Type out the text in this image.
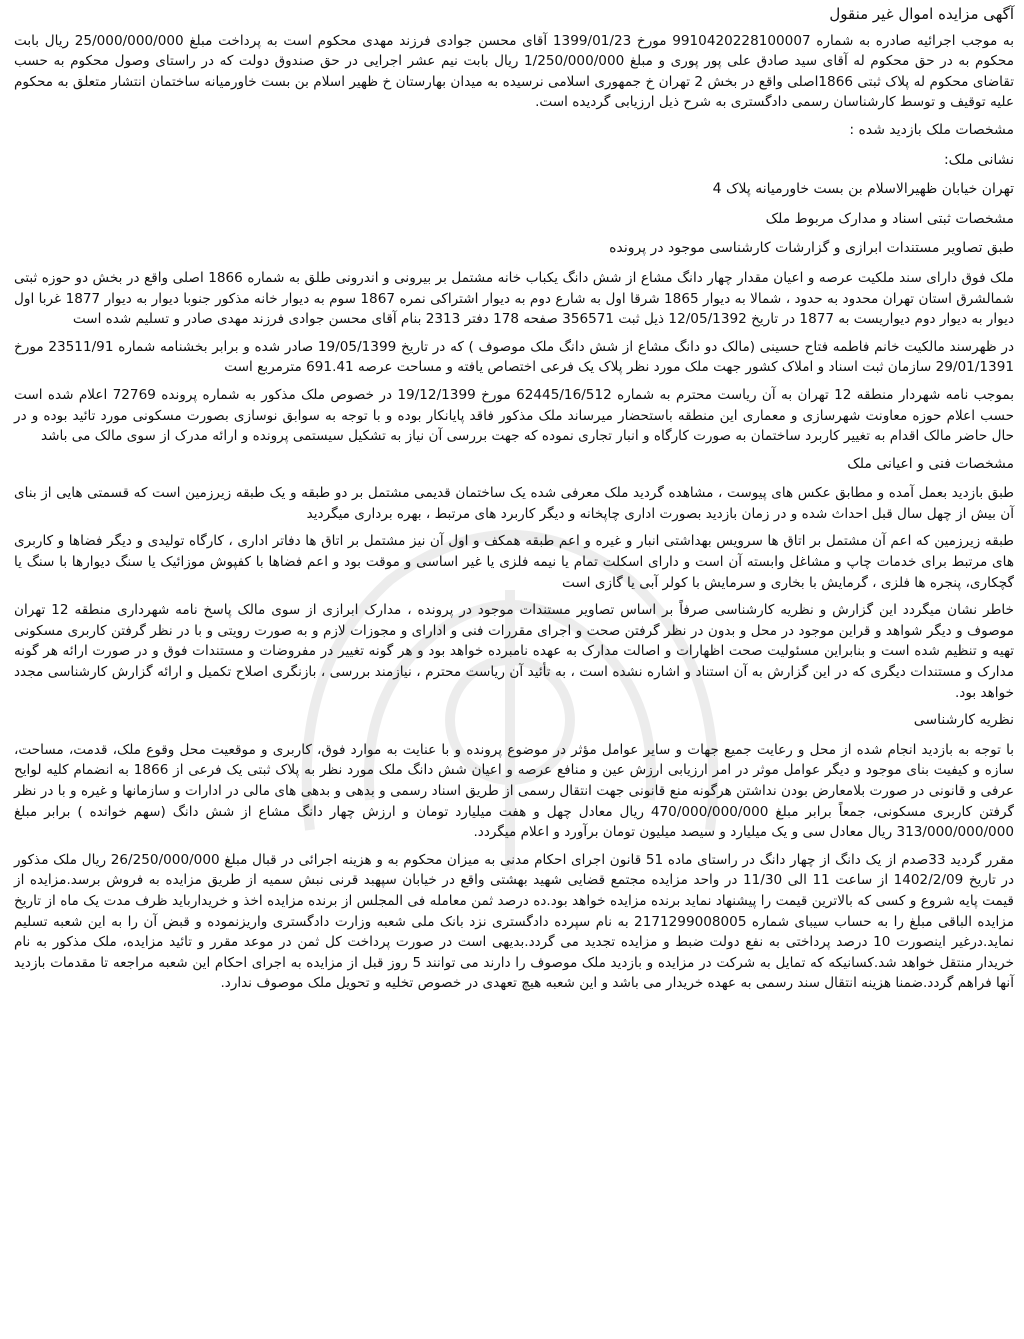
آگهی مزایده اموال غیر منقول

به موجب اجرائیه صادره به شماره 9910420228100007 مورخ 1399/01/23 آقای محسن جوادی فرزند مهدی محکوم است به پرداخت مبلغ 25/000/000/000 ریال بابت محکوم به در حق محکوم له آقای سید صادق علی پور پوری و مبلغ 1/250/000/000 ریال بابت نیم عشر اجرایی در حق صندوق دولت که در راستای وصول محکوم به حسب تقاضای محکوم له پلاک ثبتی 1866اصلی واقع در بخش 2 تهران خ جمهوری اسلامی نرسیده به میدان بهارستان خ ظهیر اسلام بن بست خاورمیانه ساختمان انتشار متعلق به محکوم علیه توقیف و توسط کارشناسان رسمی دادگستری به شرح ذیل ارزیابی گردیده است.

مشخصات ملک بازدید شده :
نشانی ملک:
تهران خیابان ظهیرالاسلام بن بست خاورمیانه پلاک 4
مشخصات ثبتی اسناد و مدارک مربوط ملک
طبق تصاویر مستندات ابرازی و گزارشات کارشناسی موجود در پرونده

ملک فوق دارای سند ملکیت عرصه و اعیان مقدار چهار دانگ مشاع از شش دانگ یکباب خانه مشتمل بر بیرونی و اندرونی طلق به شماره 1866 اصلی واقع در بخش دو حوزه ثبتی شمالشرق استان تهران محدود به حدود ، شمالا به دیوار 1865 شرقا اول به شارع دوم به دیوار اشتراکی نمره 1867 سوم به دیوار خانه مذکور جنوبا دیوار به دیوار 1877 غربا اول دیوار به دیوار دوم دیواریست به 1877 در تاریخ 12/05/1392 ذیل ثبت 356571 صفحه 178 دفتر 2313 بنام آقای محسن جوادی فرزند مهدی صادر و تسلیم شده است

در ظهرسند مالکیت خانم فاطمه فتاح حسینی (مالک دو دانگ مشاع از شش دانگ ملک موصوف ) که در تاریخ 19/05/1399 صادر شده و برابر بخشنامه شماره 23511/91 مورخ 29/01/1391 سازمان ثبت اسناد و املاک کشور جهت ملک مورد نظر پلاک یک فرعی اختصاص یافته و مساحت عرصه 691.41 مترمربع است

بموجب نامه شهردار منطقه 12 تهران به آن ریاست محترم به شماره 62445/16/512 مورخ 19/12/1399 در خصوص ملک مذکور به شماره پرونده 72769 اعلام شده است حسب اعلام حوزه معاونت شهرسازی و معماری این منطقه باستحضار میرساند ملک مذکور فاقد پایانکار بوده و با توجه به سوابق نوسازی بصورت مسکونی مورد تائید بوده و در حال حاضر مالک اقدام به تغییر کاربرد ساختمان به صورت کارگاه و انبار تجاری نموده که جهت بررسی آن نیاز به تشکیل سیستمی پرونده و ارائه مدرک از سوی مالک می باشد

مشخصات فنی و اعیانی ملک

طبق بازدید بعمل آمده و مطابق عکس های پیوست ، مشاهده گردید ملک معرفی شده یک ساختمان قدیمی مشتمل بر دو طبقه و یک طبقه زیرزمین است که قسمتی هایی از بنای آن بیش از چهل سال قبل احداث شده و در زمان بازدید بصورت اداری چاپخانه و دیگر کاربرد های مرتبط ، بهره برداری میگردید

طبقه زیرزمین که اعم آن مشتمل بر اتاق ها سرویس بهداشتی انبار و غیره و اعم طبقه همکف و اول آن نیز مشتمل بر اتاق ها دفاتر اداری ، کارگاه تولیدی و دیگر فضاها و کاربری های مرتبط برای خدمات چاپ و مشاغل وابسته آن است و دارای اسکلت تمام یا نیمه فلزی یا غیر اساسی و موقت بود و اعم فضاها با کفپوش موزائیک یا سنگ دیوارها با سنگ یا گچکاری، پنجره ها فلزی ، گرمایش با بخاری و سرمایش با کولر آبی یا گازی است

خاطر نشان میگردد این گزارش و نظریه کارشناسی صرفاً بر اساس تصاویر مستندات موجود در پرونده ، مدارک ابرازی از سوی مالک پاسخ نامه شهرداری منطقه 12 تهران موصوف و دیگر شواهد و قراین موجود در محل و بدون در نظر گرفتن صحت و اجرای مقررات فنی و ادارای و مجوزات لازم و به صورت رویتی و با در نظر گرفتن کاربری مسکونی تهیه و تنظیم شده است و بنابراین مسئولیت صحت اظهارات و اصالت مدارک به عهده نامبرده خواهد بود و هر گونه تغییر در مفروضات و مستندات فوق و در صورت ارائه هر گونه مدارک و مستندات دیگری که در این گزارش به آن استناد و اشاره نشده است ، به تأئید آن ریاست محترم ، نیازمند بررسی ، بازنگری اصلاح تکمیل و ارائه گزارش کارشناسی مجدد خواهد بود.

نظریه کارشناسی

با توجه به بازدید انجام شده از محل و رعایت جمیع جهات و سایر عوامل مؤثر در موضوع پرونده و با عنایت به موارد فوق، کاربری و موقعیت محل وقوع ملک، قدمت، مساحت، سازه و کیفیت بنای موجود و دیگر عوامل موثر در امر ارزیابی ارزش عین و منافع عرصه و اعیان شش دانگ ملک مورد نظر به پلاک ثبتی یک فرعی از 1866 به انضمام کلیه لوایح عرفی و قانونی در صورت بلامعارض بودن نداشتن هرگونه منع قانونی جهت انتقال رسمی از طریق اسناد رسمی و بدهی و بدهی های مالی در ادارات و سازمانها و غیره و با در نظر گرفتن کاربری مسکونی، جمعاً برابر مبلغ 470/000/000/000 ریال معادل چهل و هفت میلیارد تومان و ارزش چهار دانگ مشاع از شش دانگ (سهم خوانده ) برابر مبلغ 313/000/000/000 ریال معادل سی و یک میلیارد و سیصد میلیون تومان برآورد و اعلام میگردد.

مقرر گردید 33صدم از یک دانگ از چهار دانگ در راستای ماده 51 قانون اجرای احکام مدنی به میزان محکوم به و هزینه اجرائی در قبال مبلغ 26/250/000/000 ریال ملک مذکور در تاریخ 1402/2/09 از ساعت 11 الی 11/30 در واحد مزایده مجتمع قضایی شهید بهشتی واقع در خیابان سپهبد قرنی نبش سمیه از طریق مزایده به فروش برسد.مزایده از قیمت پایه شروع و کسی که بالاترین قیمت را پیشنهاد نماید برنده مزایده خواهد بود.ده درصد ثمن معامله فی المجلس از برنده مزایده اخذ و خریدارباید ظرف مدت یک ماه از تاریخ مزایده الباقی مبلغ را به حساب سیبای شماره 2171299008005 به نام سپرده دادگستری نزد بانک ملی شعبه وزارت دادگستری واریزنموده و قبض آن را به این شعبه تسلیم نماید.درغیر اینصورت 10 درصد پرداختی به نفع دولت ضبط و مزایده تجدید می گردد.بدیهی است در صورت پرداخت کل ثمن در موعد مقرر و تائید مزایده، ملک مذکور به نام خریدار منتقل خواهد شد.کسانیکه که تمایل به شرکت در مزایده و بازدید ملک موصوف را دارند می توانند 5 روز قبل از مزایده به اجرای احکام این شعبه مراجعه تا مقدمات بازدید آنها فراهم گردد.ضمنا هزینه انتقال سند رسمی به عهده خریدار می باشد و این شعبه هیچ تعهدی در خصوص تخلیه و تحویل ملک موصوف ندارد.
